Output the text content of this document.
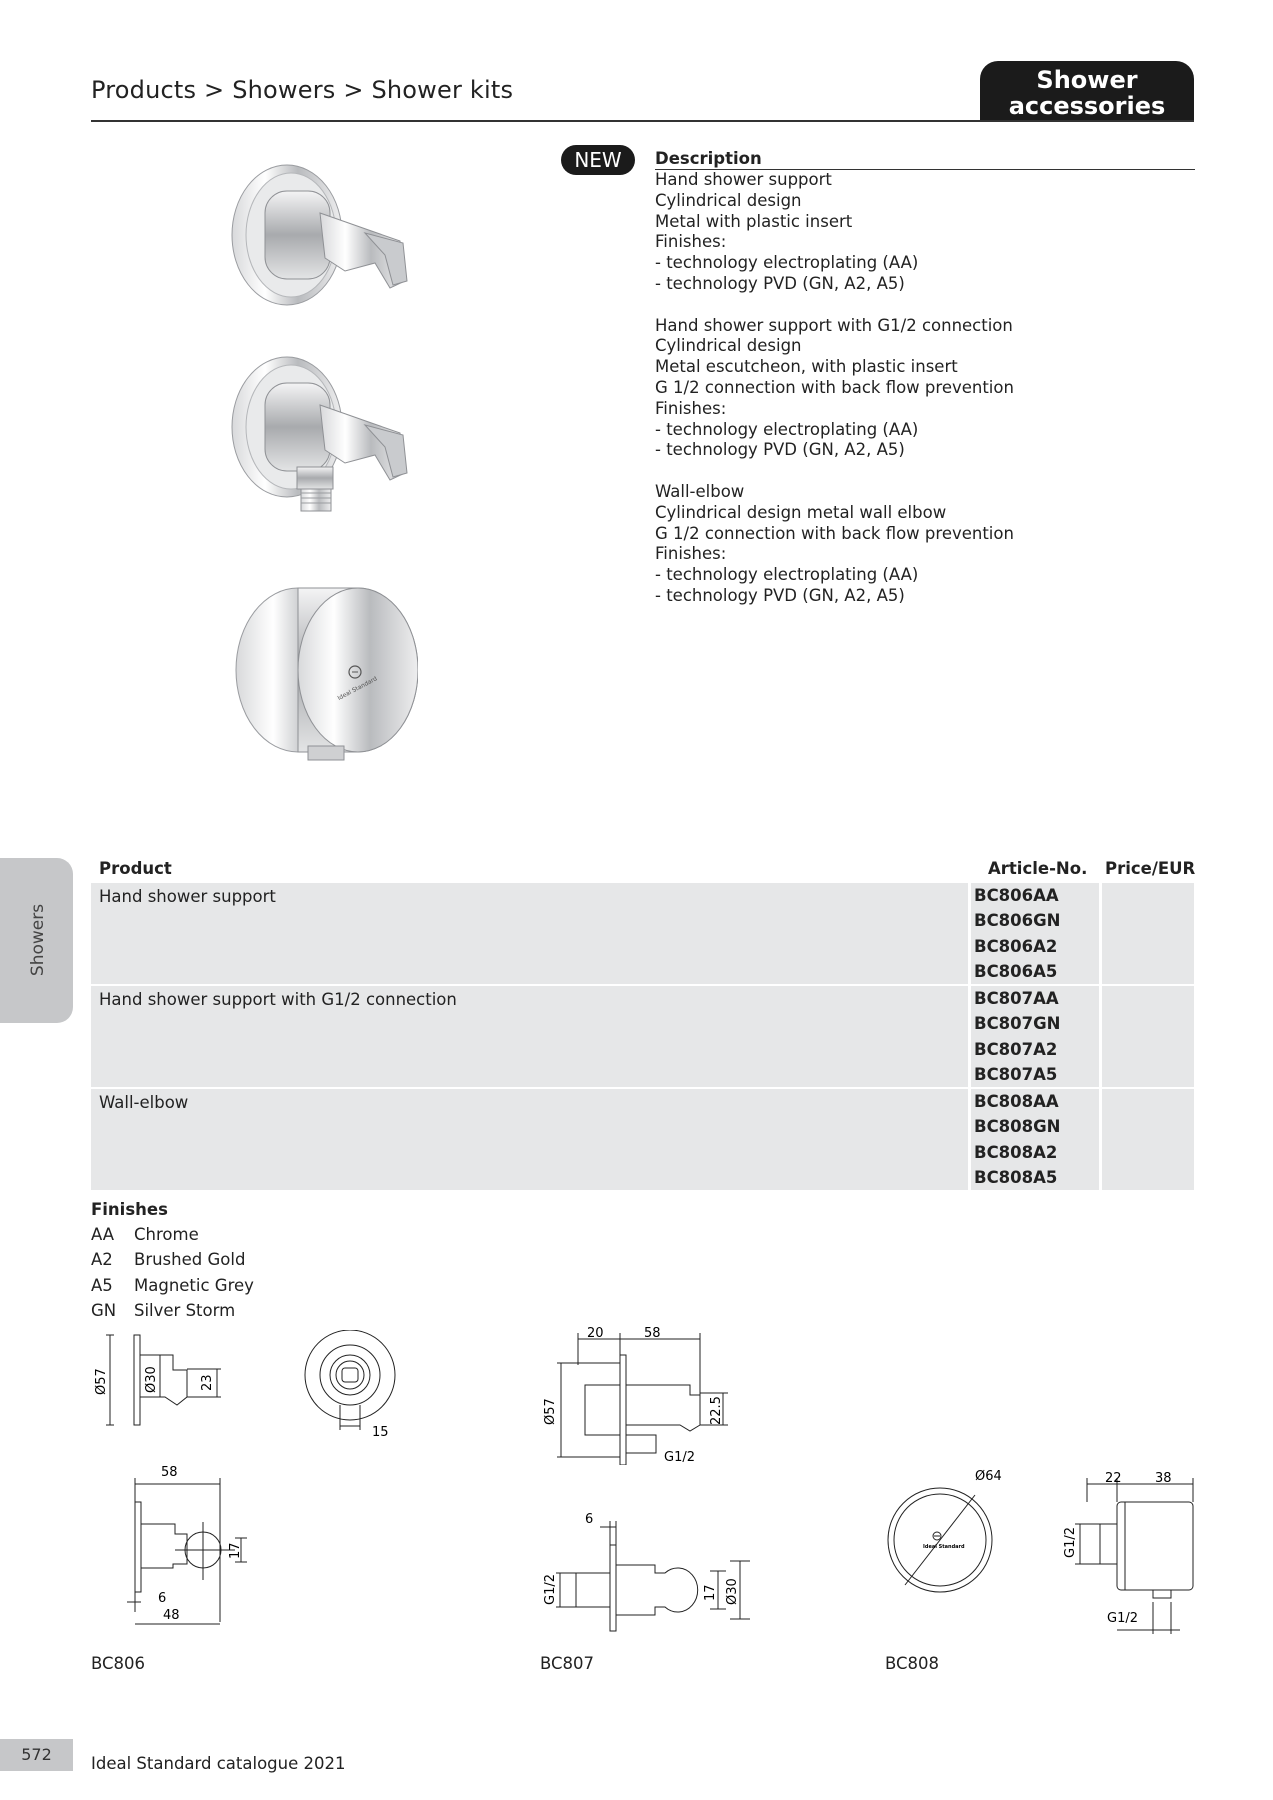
Products > Showers > Shower kits	Shower
accessories
Ideal Standard
NEW	Description
Hand shower support
Cylindrical design
Metal with plastic insert
Finishes:
- technology electroplating (AA)
- technology PVD (GN, A2, A5)
Hand shower support with G1/2 connection
Cylindrical design
Metal escutcheon, with plastic insert
G 1/2 connection with back flow prevention
Finishes:
- technology electroplating (AA)
- technology PVD (GN, A2, A5)
Wall-elbow
Cylindrical design metal wall elbow
G 1/2 connection with back flow prevention
Finishes:
- technology electroplating (AA)
- technology PVD (GN, A2, A5)
Showers
Product	Article-No. Price/EUR
Hand shower support	BC806AA
BC806GN
BC806A2
BC806A5
Hand shower support with G1/2 connection	BC807AA
BC807GN
BC807A2
BC807A5
Wall-elbow	BC808AA
BC808GN
BC808A2
BC808A5
Finishes
AA Chrome
A2 Brushed Gold
A5 Magnetic Grey
GN Silver Storm
Ø57	Ø30	23
15
58
17
6
48
20	58
Ø57	22.5
G1/2
6
G1/2	17 Ø30
Ø64
Ideal Standard
22	38
G1/2
G1/2
BC806	BC807	BC808
572	Ideal Standard catalogue 2021
